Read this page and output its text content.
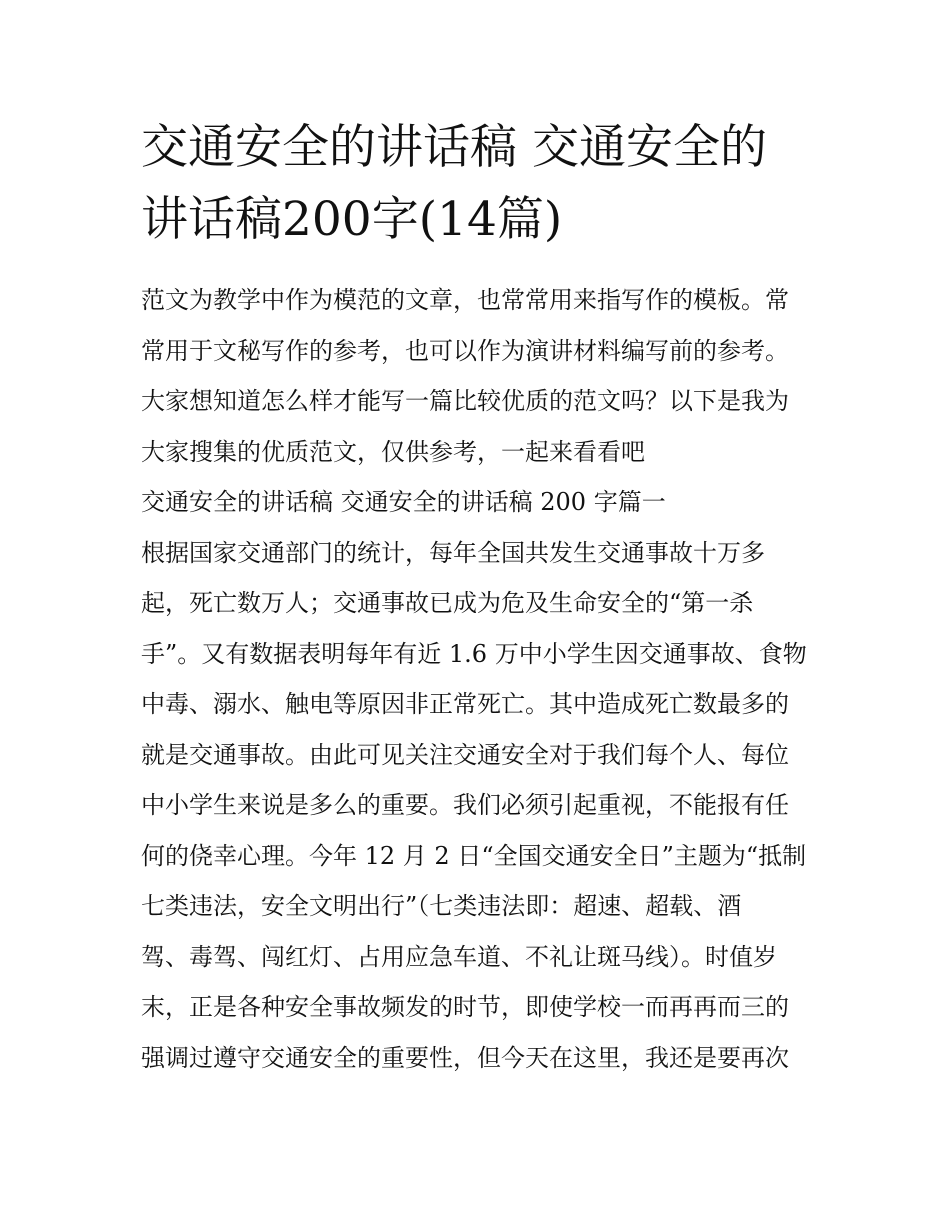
交通安全的讲话稿 交通安全的
讲话稿200字(14篇)
范文为教学中作为模范的文章，也常常用来指写作的模板。常
常用于文秘写作的参考，也可以作为演讲材料编写前的参考。
大家想知道怎么样才能写一篇比较优质的范文吗？以下是我为
大家搜集的优质范文，仅供参考，一起来看看吧
交通安全的讲话稿 交通安全的讲话稿 200 字篇一
根据国家交通部门的统计，每年全国共发生交通事故十万多
起，死亡数万人；交通事故已成为危及生命安全的“第一杀
手”。又有数据表明每年有近 1.6 万中小学生因交通事故、食物
中毒、溺水、触电等原因非正常死亡。其中造成死亡数最多的
就是交通事故。由此可见关注交通安全对于我们每个人、每位
中小学生来说是多么的重要。我们必须引起重视，不能报有任
何的侥幸心理。今年 12 月 2 日“全国交通安全日”主题为“抵制
七类违法，安全文明出行”（七类违法即：超速、超载、酒
驾、毒驾、闯红灯、占用应急车道、不礼让斑马线）。时值岁
末，正是各种安全事故频发的时节，即使学校一而再再而三的
强调过遵守交通安全的重要性，但今天在这里，我还是要再次
